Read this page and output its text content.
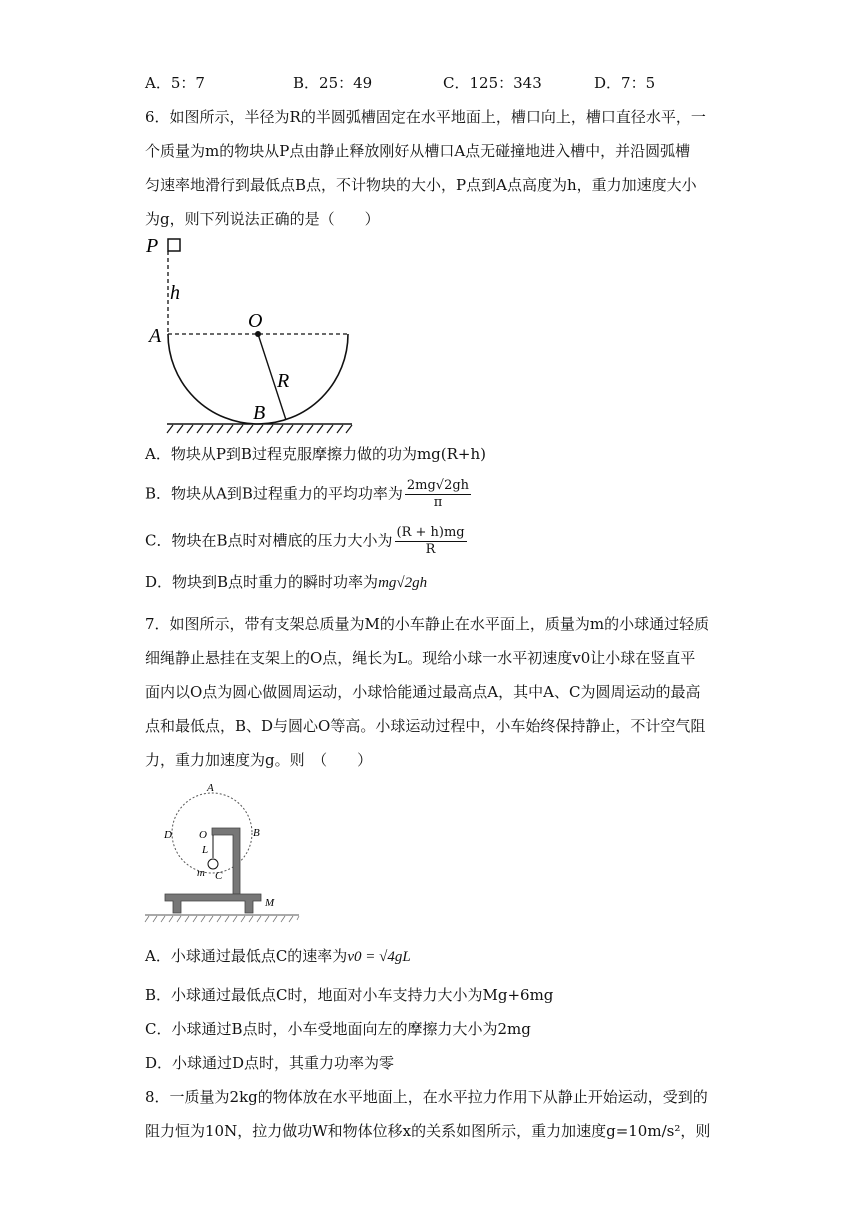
A．5：7	B．25：49	C．125：343	D．7：5
6．如图所示，半径为R的半圆弧槽固定在水平地面上，槽口向上，槽口直径水平，一
个质量为m的物块从P点由静止释放刚好从槽口A点无碰撞地进入槽中，并沿圆弧槽
匀速率地滑行到最低点B点，不计物块的大小，P点到A点高度为h，重力加速度大小
为g，则下列说法正确的是（　　）
P
h
A
O
R
B
A．物块从P到B过程克服摩擦力做的功为mg(R+h)
B．物块从A到B过程重力的平均功率为 $\frac{2mg√2gh}{\pi}$
C．物块在B点时对槽底的压力大小为 $\frac{(R + h)mg}{R}$
D．物块到B点时重力的瞬时功率为mg√2gh
7．如图所示，带有支架总质量为M的小车静止在水平面上，质量为m的小球通过轻质
细绳静止悬挂在支架上的O点，绳长为L。现给小球一水平初速度v0让小球在竖直平
面内以O点为圆心做圆周运动，小球恰能通过最高点A，其中A、C为圆周运动的最高
点和最低点，B、D与圆心O等高。小球运动过程中，小车始终保持静止，不计空气阻
力，重力加速度为g。则　（　　）
A
B
D O
L
m C
M
A．小球通过最低点C的速率为v0 = √4gL
B．小球通过最低点C时，地面对小车支持力大小为Mg+6mg
C．小球通过B点时，小车受地面向左的摩擦力大小为2mg
D．小球通过D点时，其重力功率为零
8．一质量为2kg的物体放在水平地面上，在水平拉力作用下从静止开始运动，受到的
阻力恒为10N，拉力做功W和物体位移x的关系如图所示，重力加速度g=10m/s²，则
